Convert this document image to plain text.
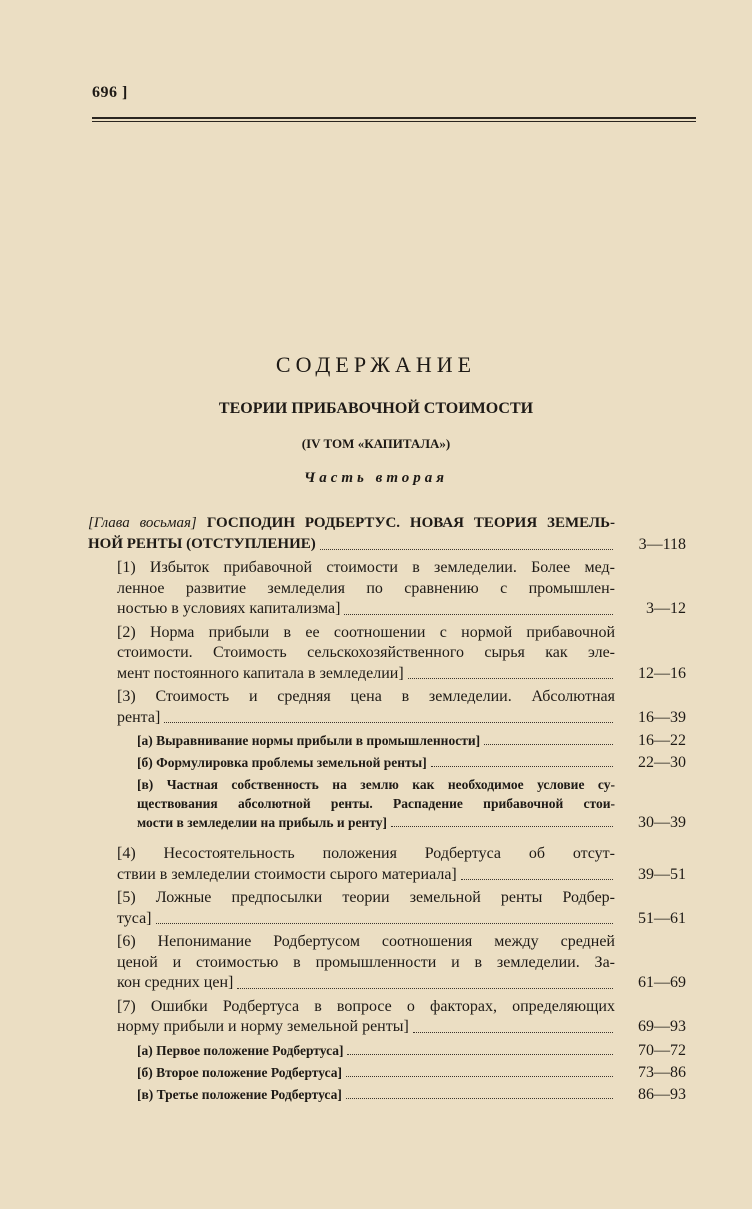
696 ]
СОДЕРЖАНИЕ
ТЕОРИИ ПРИБАВОЧНОЙ СТОИМОСТИ
(IV ТОМ «КАПИТАЛА»)
Часть вторая
[Глава восьмая] ГОСПОДИН РОДБЕРТУС. НОВАЯ ТЕОРИЯ ЗЕМЕЛЬ-
НОЙ РЕНТЫ (ОТСТУПЛЕНИЕ)	3—118
[1) Избыток прибавочной стоимости в земледелии. Более мед-
ленное развитие земледелия по сравнению с промышлен-
ностью в условиях капитализма]	3—12
[2) Норма прибыли в ее соотношении с нормой прибавочной
стоимости. Стоимость сельскохозяйственного сырья как эле-
мент постоянного капитала в земледелии]	12—16
[3) Стоимость и средняя цена в земледелии. Абсолютная
рента]	16—39
[а) Выравнивание нормы прибыли в промышленности]	16—22
[б) Формулировка проблемы земельной ренты]	22—30
[в) Частная собственность на землю как необходимое условие су-
ществования абсолютной ренты. Распадение прибавочной стои-
мости в земледелии на прибыль и ренту]	30—39
[4) Несостоятельность положения Родбертуса об отсут-
ствии в земледелии стоимости сырого материала]	39—51
[5) Ложные предпосылки теории земельной ренты Родбер-
туса]	51—61
[6) Непонимание Родбертусом соотношения между средней
ценой и стоимостью в промышленности и в земледелии. За-
кон средних цен]	61—69
[7) Ошибки Родбертуса в вопросе о факторах, определяющих
норму прибыли и норму земельной ренты]	69—93
[а) Первое положение Родбертуса]	70—72
[б) Второе положение Родбертуса]	73—86
[в) Третье положение Родбертуса]	86—93
